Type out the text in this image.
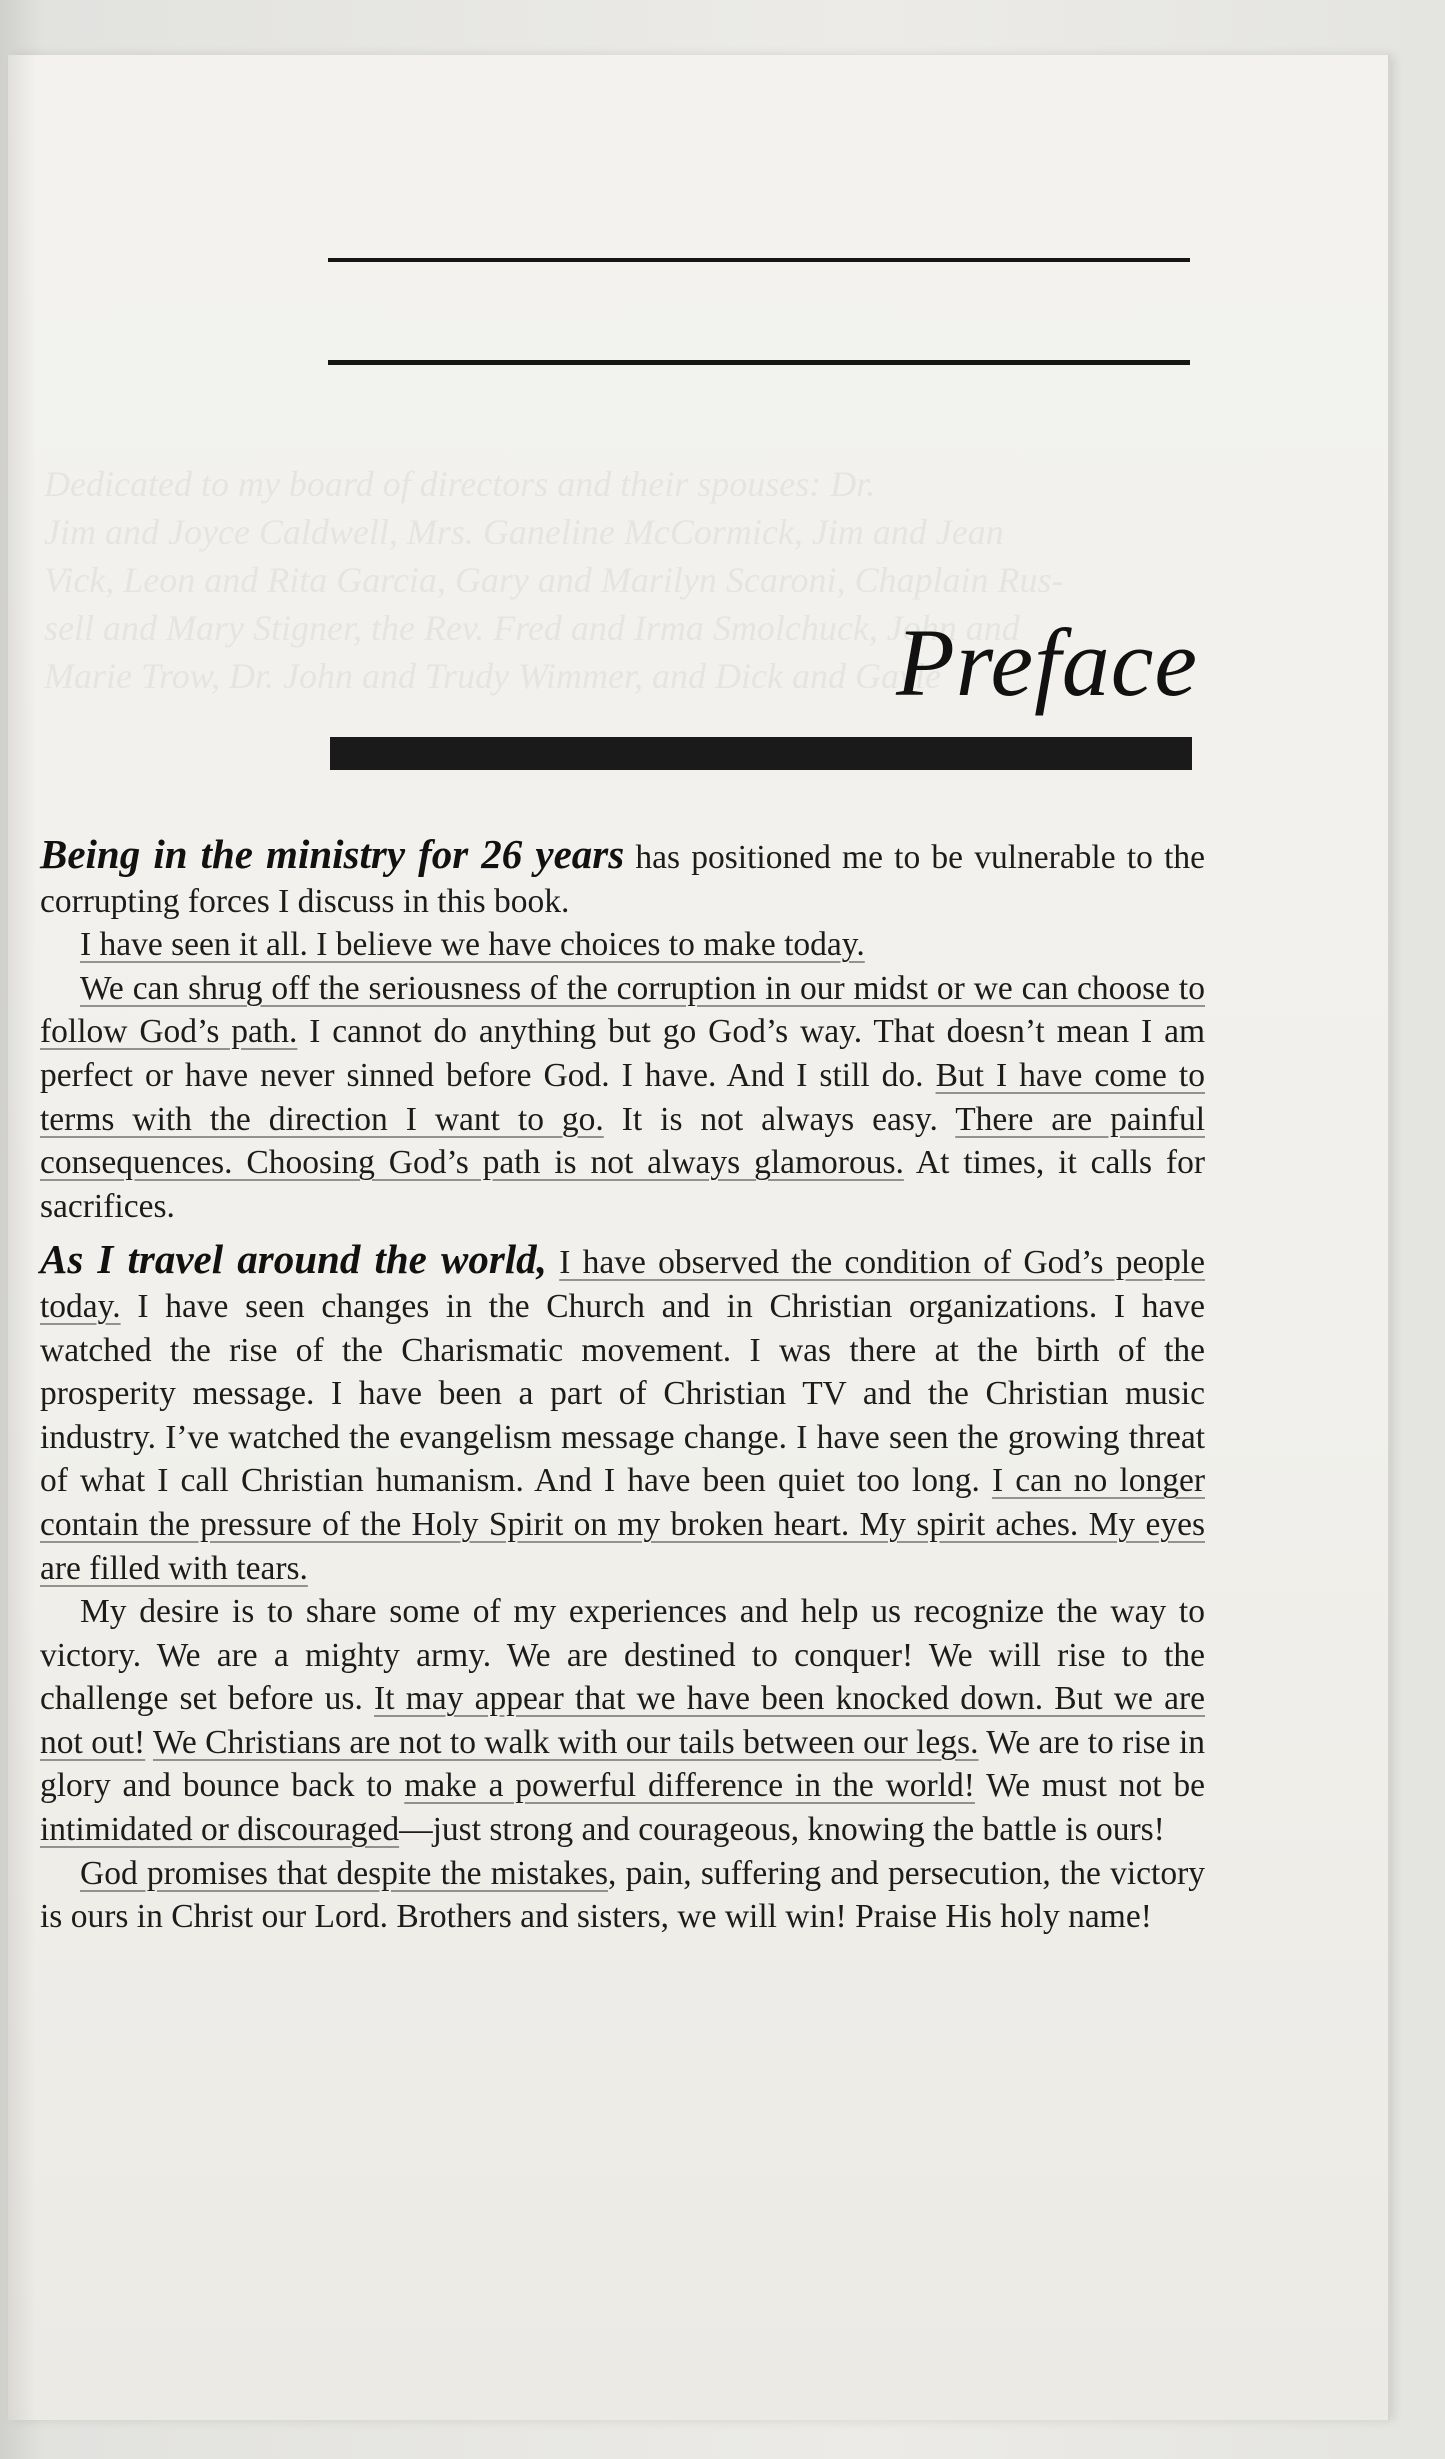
Dedicated to my board of directors and their spouses: Dr.
Jim and Joyce Caldwell, Mrs. Ganeline McCormick, Jim and Jean
Vick, Leon and Rita Garcia, Gary and Marilyn Scaroni, Chaplain Rus-
sell and Mary Stigner, the Rev. Fred and Irma Smolchuck, John and
Marie Trow, Dr. John and Trudy Wimmer, and Dick and Gayle
Preface

Being in the ministry for 26 years has positioned me to be vulnerable to the corrupting forces I discuss in this book.

I have seen it all. I believe we have choices to make today.

We can shrug off the seriousness of the corruption in our midst or we can choose to follow God’s path. I cannot do anything but go God’s way. That doesn’t mean I am perfect or have never sinned before God. I have. And I still do. But I have come to terms with the direction I want to go. It is not always easy. There are painful consequences. Choosing God’s path is not always glamorous. At times, it calls for sacrifices.

As I travel around the world, I have observed the condition of God’s people today. I have seen changes in the Church and in Christian organizations. I have watched the rise of the Charismatic movement. I was there at the birth of the prosperity message. I have been a part of Christian TV and the Christian music industry. I’ve watched the evangelism message change. I have seen the growing threat of what I call Christian humanism. And I have been quiet too long. I can no longer contain the pressure of the Holy Spirit on my broken heart. My spirit aches. My eyes are filled with tears.

My desire is to share some of my experiences and help us recognize the way to victory. We are a mighty army. We are destined to conquer! We will rise to the challenge set before us. It may appear that we have been knocked down. But we are not out! We Christians are not to walk with our tails between our legs. We are to rise in glory and bounce back to make a powerful difference in the world! We must not be intimidated or discouraged—just strong and courageous, knowing the battle is ours!

God promises that despite the mistakes, pain, suffering and persecution, the victory is ours in Christ our Lord. Brothers and sisters, we will win! Praise His holy name!
